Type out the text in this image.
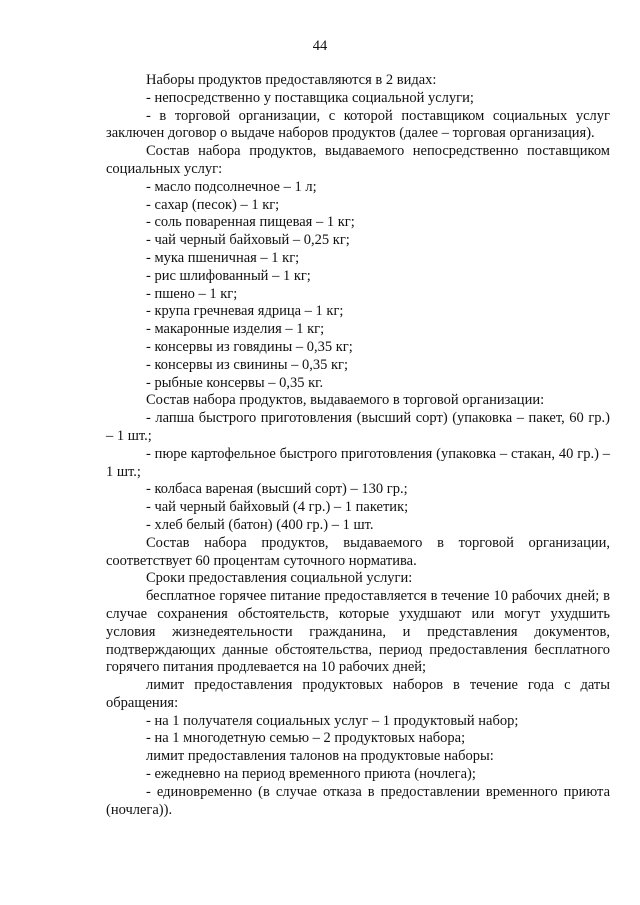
44

Наборы продуктов предоставляются в 2 видах:

- непосредственно у поставщика социальной услуги;

- в торговой организации, с которой поставщиком социальных услуг заключен договор о выдаче наборов продуктов (далее – торговая организация).

Состав набора продуктов, выдаваемого непосредственно поставщиком социальных услуг:

- масло подсолнечное – 1 л;

- сахар (песок) – 1 кг;

- соль поваренная пищевая – 1 кг;

- чай черный байховый – 0,25 кг;

- мука пшеничная – 1 кг;

- рис шлифованный – 1 кг;

- пшено – 1 кг;

- крупа гречневая ядрица – 1 кг;

- макаронные изделия – 1 кг;

- консервы из говядины – 0,35 кг;

- консервы из свинины – 0,35 кг;

- рыбные консервы – 0,35 кг.

Состав набора продуктов, выдаваемого в торговой организации:

- лапша быстрого приготовления (высший сорт) (упаковка – пакет, 60 гр.) – 1 шт.;

- пюре картофельное быстрого приготовления (упаковка – стакан, 40 гр.) – 1 шт.;

- колбаса вареная (высший сорт) – 130 гр.;

- чай черный байховый (4 гр.) – 1 пакетик;

- хлеб белый (батон) (400 гр.) – 1 шт.

Состав набора продуктов, выдаваемого в торговой организации, соответствует 60 процентам суточного норматива.

Сроки предоставления социальной услуги:

бесплатное горячее питание предоставляется в течение 10 рабочих дней; в случае сохранения обстоятельств, которые ухудшают или могут ухудшить условия жизнедеятельности гражданина, и представления документов, подтверждающих данные обстоятельства, период предоставления бесплатного горячего питания продлевается на 10 рабочих дней;

лимит предоставления продуктовых наборов в течение года с даты обращения:

- на 1 получателя социальных услуг – 1 продуктовый набор;

- на 1 многодетную семью – 2 продуктовых набора;

лимит предоставления талонов на продуктовые наборы:

- ежедневно на период временного приюта (ночлега);

- единовременно (в случае отказа в предоставлении временного приюта (ночлега)).
